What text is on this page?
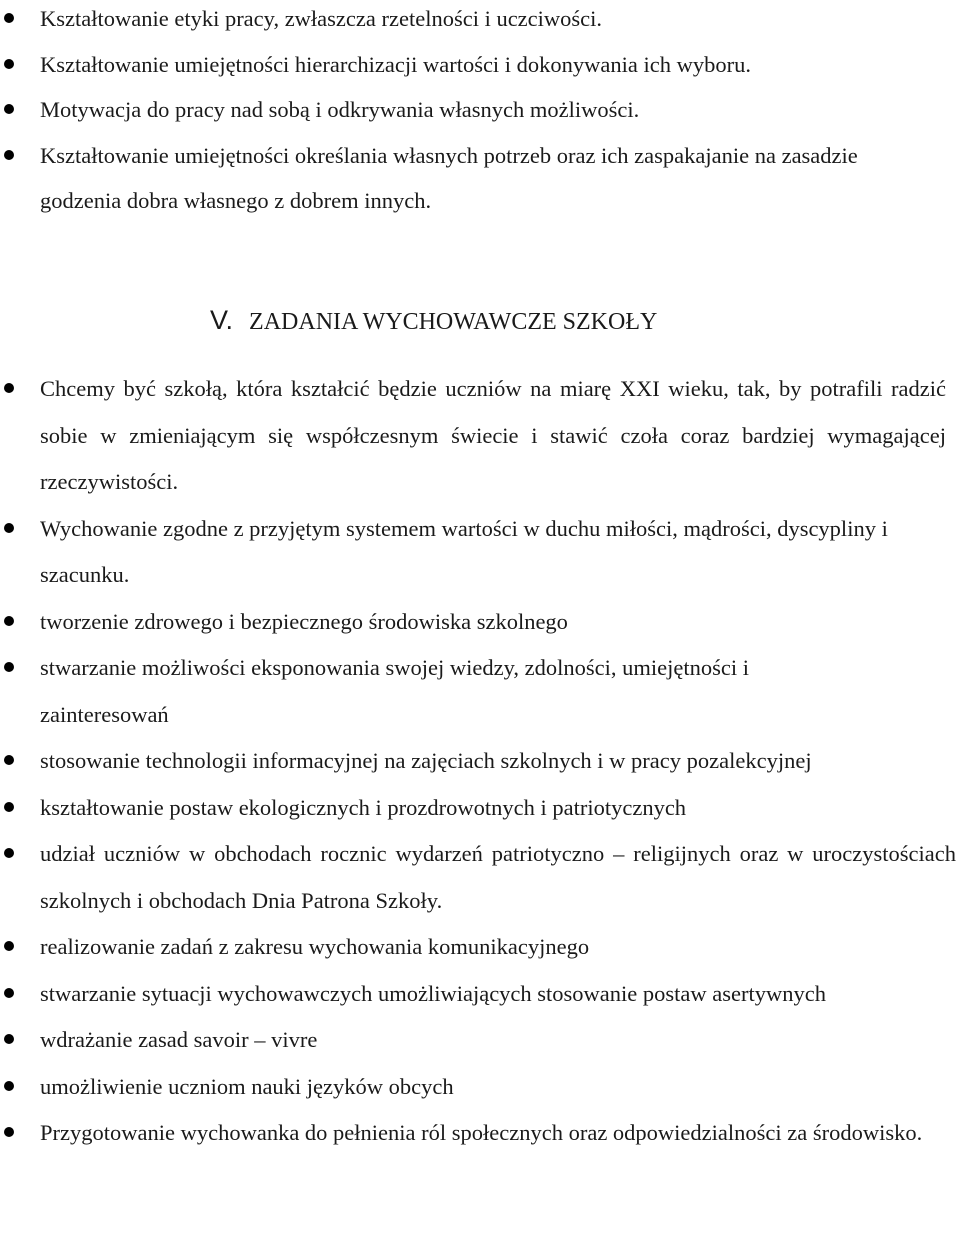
Kształtowanie etyki pracy, zwłaszcza rzetelności i uczciwości.
Kształtowanie umiejętności hierarchizacji wartości i dokonywania ich wyboru.
Motywacja do pracy nad sobą i odkrywania własnych możliwości.
Kształtowanie umiejętności określania własnych potrzeb oraz ich zaspakajanie na zasadzie godzenia dobra własnego z dobrem innych.
V. ZADANIA WYCHOWAWCZE SZKOŁY
Chcemy być szkołą, która kształcić będzie uczniów na miarę XXI wieku, tak, by potrafili radzić sobie w zmieniającym się współczesnym świecie i stawić czoła coraz bardziej wymagającej rzeczywistości.
Wychowanie zgodne z przyjętym systemem wartości w duchu miłości, mądrości, dyscypliny i szacunku.
tworzenie zdrowego i bezpiecznego środowiska szkolnego
stwarzanie możliwości eksponowania swojej wiedzy, zdolności, umiejętności i zainteresowań
stosowanie technologii informacyjnej na zajęciach szkolnych i w pracy pozalekcyjnej
kształtowanie postaw ekologicznych i prozdrowotnych i patriotycznych
udział uczniów w obchodach rocznic wydarzeń patriotyczno – religijnych oraz w uroczystościach szkolnych i obchodach Dnia Patrona Szkoły.
realizowanie zadań z zakresu wychowania komunikacyjnego
stwarzanie sytuacji wychowawczych umożliwiających stosowanie postaw asertywnych
wdrażanie zasad savoir – vivre
umożliwienie uczniom nauki języków obcych
Przygotowanie wychowanka do pełnienia ról społecznych oraz odpowiedzialności za środowisko.
